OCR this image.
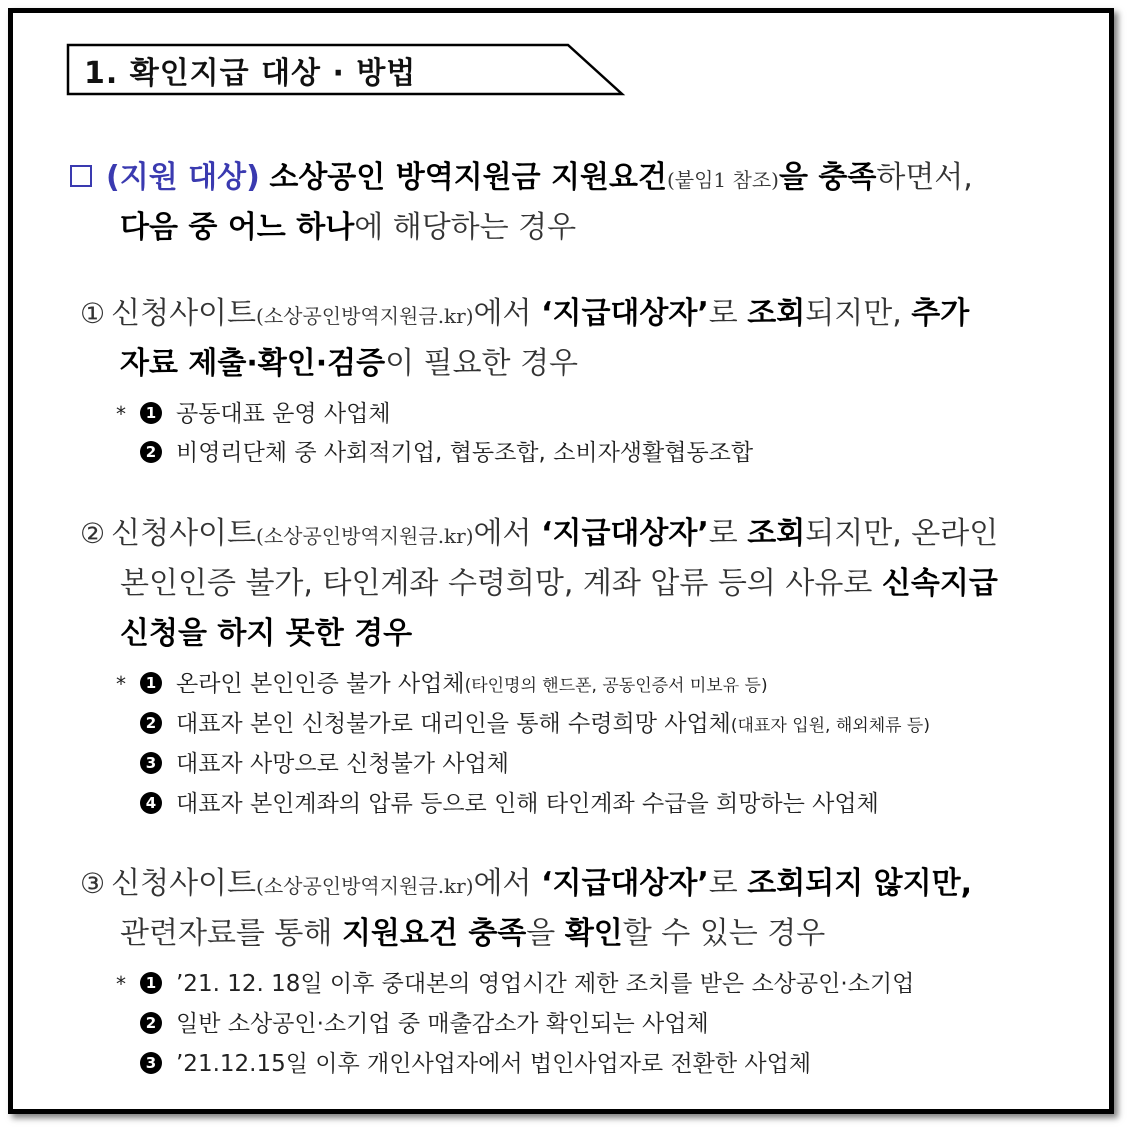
1. 확인지급 대상 · 방법
(지원 대상) 소상공인 방역지원금 지원요건(붙임1 참조)을 충족하면서,
다음 중 어느 하나에 해당하는 경우
① 신청사이트(소상공인방역지원금.kr)에서 ‘지급대상자’로 조회되지만, 추가
자료 제출·확인·검증이 필요한 경우
* 1 공동대표 운영 사업체
2 비영리단체 중 사회적기업, 협동조합, 소비자생활협동조합
② 신청사이트(소상공인방역지원금.kr)에서 ‘지급대상자’로 조회되지만, 온라인
본인인증 불가, 타인계좌 수령희망, 계좌 압류 등의 사유로 신속지급
신청을 하지 못한 경우
* 1 온라인 본인인증 불가 사업체(타인명의 핸드폰, 공동인증서 미보유 등)
2 대표자 본인 신청불가로 대리인을 통해 수령희망 사업체(대표자 입원, 해외체류 등)
3 대표자 사망으로 신청불가 사업체
4 대표자 본인계좌의 압류 등으로 인해 타인계좌 수급을 희망하는 사업체
③ 신청사이트(소상공인방역지원금.kr)에서 ‘지급대상자’로 조회되지 않지만,
관련자료를 통해 지원요건 충족을 확인할 수 있는 경우
* 1 ’21. 12. 18일 이후 중대본의 영업시간 제한 조치를 받은 소상공인·소기업
2 일반 소상공인·소기업 중 매출감소가 확인되는 사업체
3 ’21.12.15일 이후 개인사업자에서 법인사업자로 전환한 사업체
